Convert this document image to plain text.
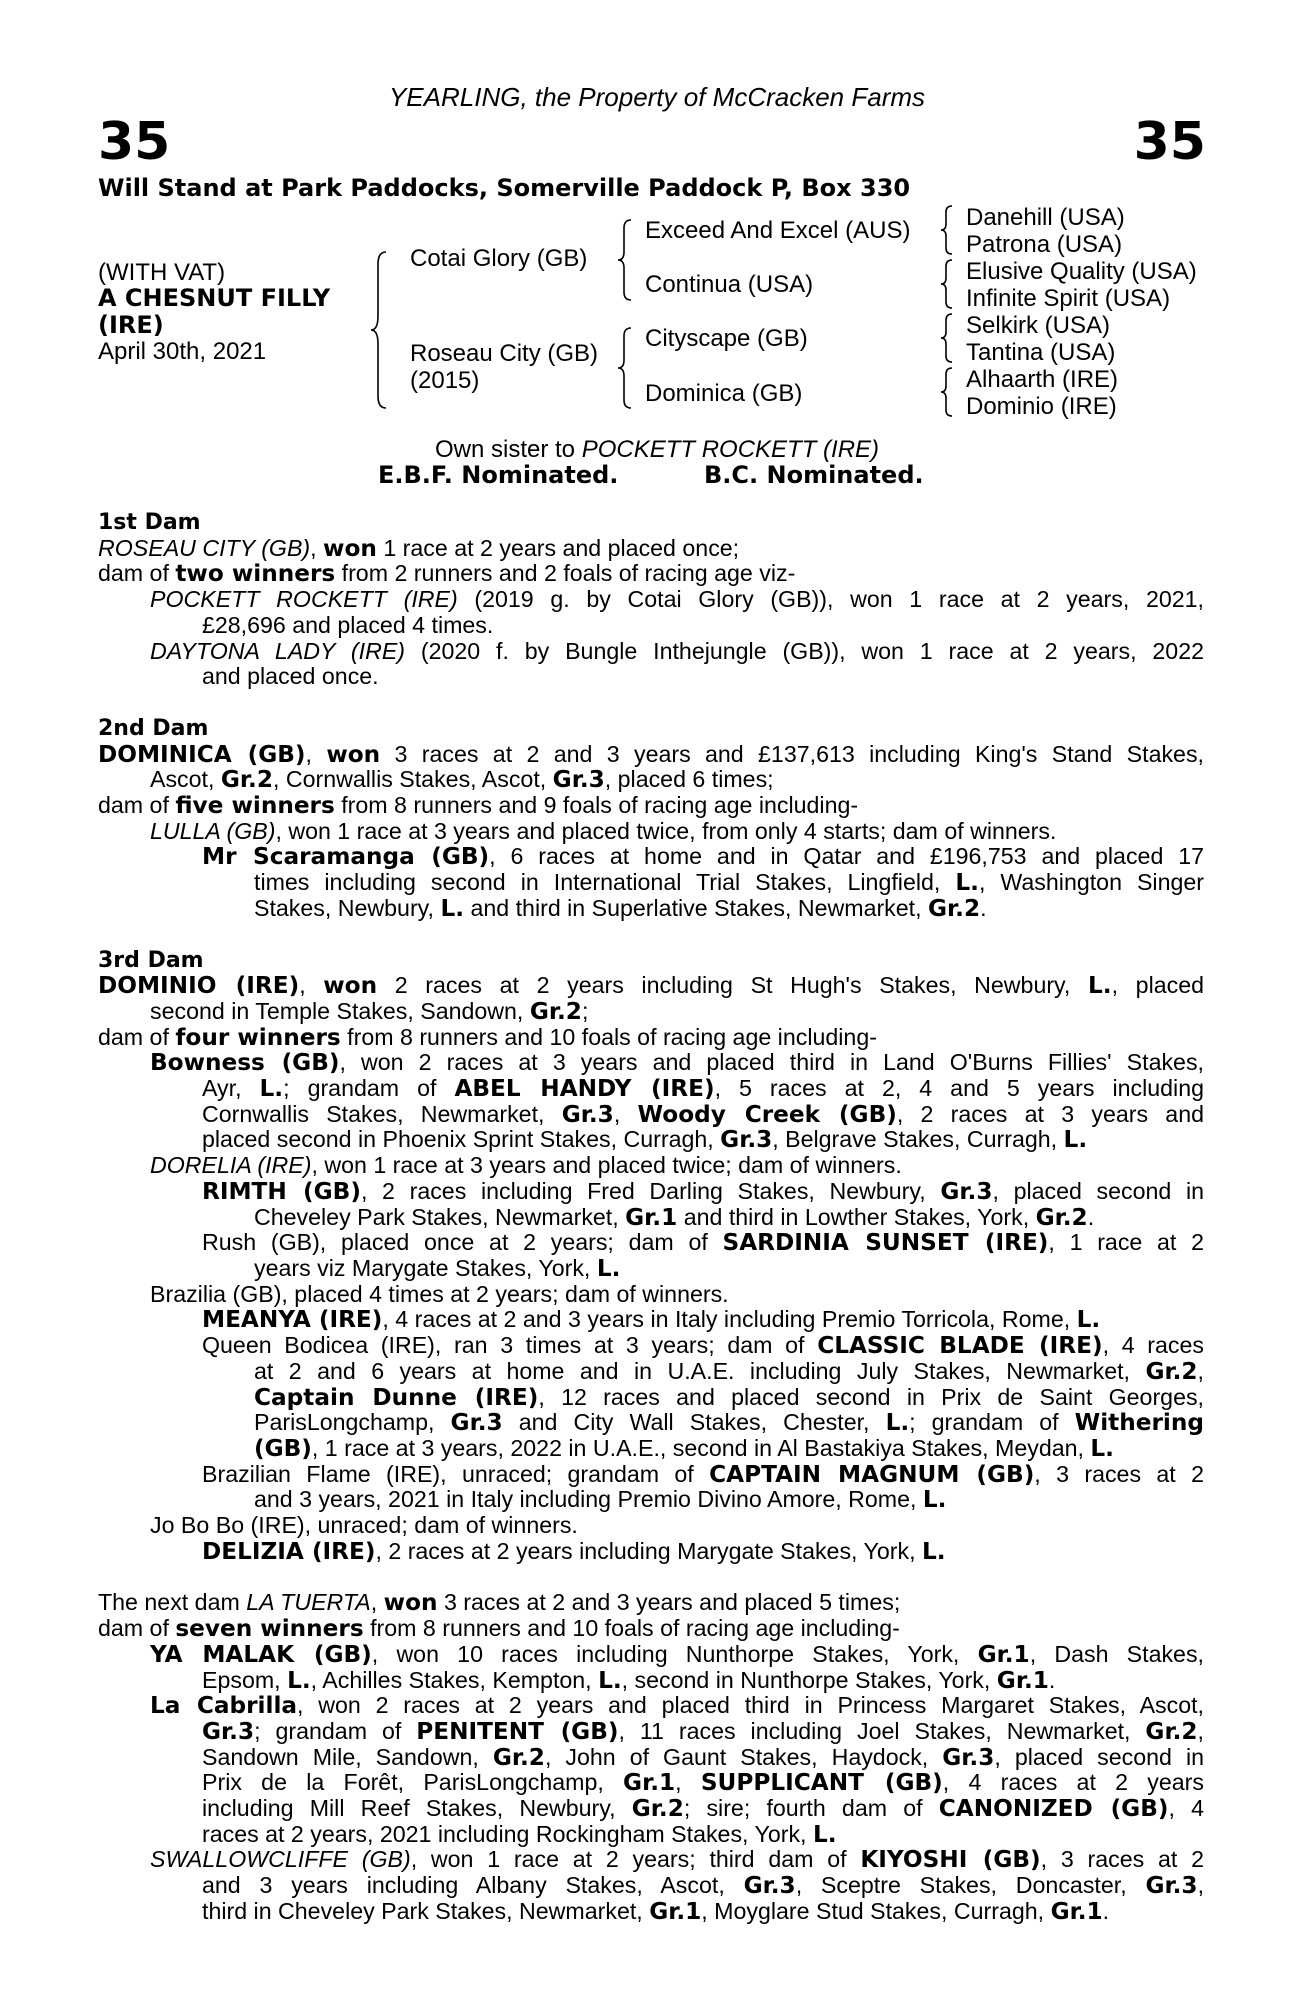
YEARLING, the Property of McCracken Farms
35	35
Will Stand at Park Paddocks, Somerville Paddock P, Box 330
(WITH VAT)
A CHESNUT FILLY
(IRE)
April 30th, 2021
Cotai Glory (GB)
Roseau City (GB)
(2015)
Exceed And Excel (AUS)
Continua (USA)
Cityscape (GB)
Dominica (GB)
Danehill (USA)
Patrona (USA)
Elusive Quality (USA)
Infinite Spirit (USA)
Selkirk (USA)
Tantina (USA)
Alhaarth (IRE)
Dominio (IRE)
Own sister to POCKETT ROCKETT (IRE)
E.B.F. Nominated.	B.C. Nominated.
1st Dam
ROSEAU CITY (GB), won 1 race at 2 years and placed once;
dam of two winners from 2 runners and 2 foals of racing age viz-
POCKETT ROCKETT (IRE) (2019 g. by Cotai Glory (GB)), won 1 race at 2 years, 2021,
£28,696 and placed 4 times.
DAYTONA LADY (IRE) (2020 f. by Bungle Inthejungle (GB)), won 1 race at 2 years, 2022
and placed once.
2nd Dam
DOMINICA (GB), won 3 races at 2 and 3 years and £137,613 including King's Stand Stakes,
Ascot, Gr.2, Cornwallis Stakes, Ascot, Gr.3, placed 6 times;
dam of five winners from 8 runners and 9 foals of racing age including-
LULLA (GB), won 1 race at 3 years and placed twice, from only 4 starts; dam of winners.
Mr Scaramanga (GB), 6 races at home and in Qatar and £196,753 and placed 17
times including second in International Trial Stakes, Lingfield, L., Washington Singer
Stakes, Newbury, L. and third in Superlative Stakes, Newmarket, Gr.2.
3rd Dam
DOMINIO (IRE), won 2 races at 2 years including St Hugh's Stakes, Newbury, L., placed
second in Temple Stakes, Sandown, Gr.2;
dam of four winners from 8 runners and 10 foals of racing age including-
Bowness (GB), won 2 races at 3 years and placed third in Land O'Burns Fillies' Stakes,
Ayr, L.; grandam of ABEL HANDY (IRE), 5 races at 2, 4 and 5 years including
Cornwallis Stakes, Newmarket, Gr.3, Woody Creek (GB), 2 races at 3 years and
placed second in Phoenix Sprint Stakes, Curragh, Gr.3, Belgrave Stakes, Curragh, L.
DORELIA (IRE), won 1 race at 3 years and placed twice; dam of winners.
RIMTH (GB), 2 races including Fred Darling Stakes, Newbury, Gr.3, placed second in
Cheveley Park Stakes, Newmarket, Gr.1 and third in Lowther Stakes, York, Gr.2.
Rush (GB), placed once at 2 years; dam of SARDINIA SUNSET (IRE), 1 race at 2
years viz Marygate Stakes, York, L.
Brazilia (GB), placed 4 times at 2 years; dam of winners.
MEANYA (IRE), 4 races at 2 and 3 years in Italy including Premio Torricola, Rome, L.
Queen Bodicea (IRE), ran 3 times at 3 years; dam of CLASSIC BLADE (IRE), 4 races
at 2 and 6 years at home and in U.A.E. including July Stakes, Newmarket, Gr.2,
Captain Dunne (IRE), 12 races and placed second in Prix de Saint Georges,
ParisLongchamp, Gr.3 and City Wall Stakes, Chester, L.; grandam of Withering
(GB), 1 race at 3 years, 2022 in U.A.E., second in Al Bastakiya Stakes, Meydan, L.
Brazilian Flame (IRE), unraced; grandam of CAPTAIN MAGNUM (GB), 3 races at 2
and 3 years, 2021 in Italy including Premio Divino Amore, Rome, L.
Jo Bo Bo (IRE), unraced; dam of winners.
DELIZIA (IRE), 2 races at 2 years including Marygate Stakes, York, L.
The next dam LA TUERTA, won 3 races at 2 and 3 years and placed 5 times;
dam of seven winners from 8 runners and 10 foals of racing age including-
YA MALAK (GB), won 10 races including Nunthorpe Stakes, York, Gr.1, Dash Stakes,
Epsom, L., Achilles Stakes, Kempton, L., second in Nunthorpe Stakes, York, Gr.1.
La Cabrilla, won 2 races at 2 years and placed third in Princess Margaret Stakes, Ascot,
Gr.3; grandam of PENITENT (GB), 11 races including Joel Stakes, Newmarket, Gr.2,
Sandown Mile, Sandown, Gr.2, John of Gaunt Stakes, Haydock, Gr.3, placed second in
Prix de la Forêt, ParisLongchamp, Gr.1, SUPPLICANT (GB), 4 races at 2 years
including Mill Reef Stakes, Newbury, Gr.2; sire; fourth dam of CANONIZED (GB), 4
races at 2 years, 2021 including Rockingham Stakes, York, L.
SWALLOWCLIFFE (GB), won 1 race at 2 years; third dam of KIYOSHI (GB), 3 races at 2
and 3 years including Albany Stakes, Ascot, Gr.3, Sceptre Stakes, Doncaster, Gr.3,
third in Cheveley Park Stakes, Newmarket, Gr.1, Moyglare Stud Stakes, Curragh, Gr.1.
